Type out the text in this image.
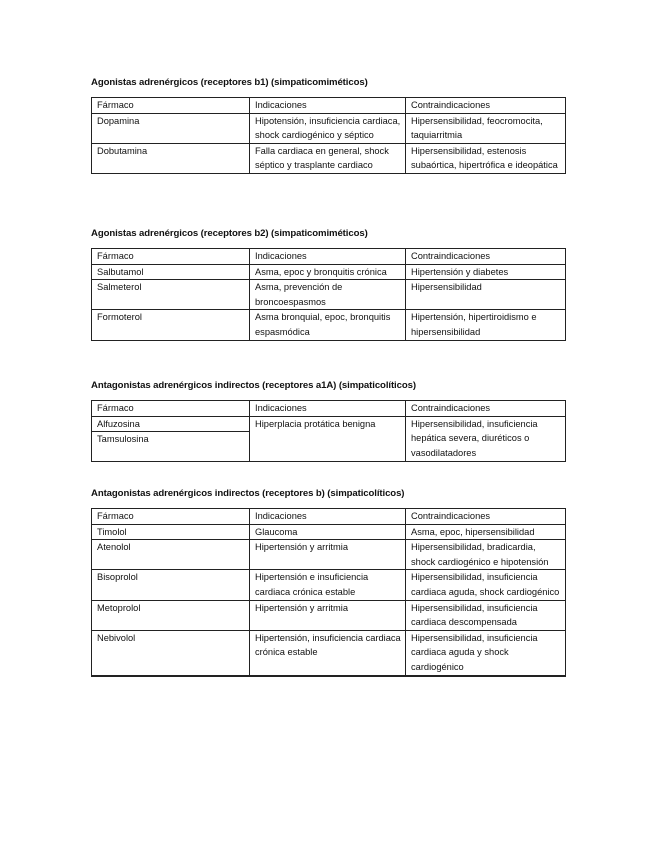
Agonistas adrenérgicos (receptores b1) (simpaticomiméticos)
Fármaco	Indicaciones	Contraindicaciones
Dopamina	Hipotensión, insuficiencia cardiaca, shock cardiogénico y séptico	Hipersensibilidad, feocromocita, taquiarritmia
Dobutamina	Falla cardiaca en general, shock séptico y trasplante cardiaco	Hipersensibilidad, estenosis subaórtica, hipertrófica e ideopática
Agonistas adrenérgicos (receptores b2) (simpaticomiméticos)
Fármaco	Indicaciones	Contraindicaciones
Salbutamol	Asma, epoc y bronquitis crónica	Hipertensión y diabetes
Salmeterol	Asma, prevención de broncoespasmos	Hipersensibilidad
Formoterol	Asma bronquial, epoc, bronquitis espasmódica	Hipertensión, hipertiroidismo e hipersensibilidad
Antagonistas adrenérgicos indirectos (receptores a1A) (simpaticolíticos)
Fármaco	Indicaciones	Contraindicaciones
Alfuzosina	Hiperplacia protática benigna	Hipersensibilidad, insuficiencia hepática severa, diuréticos o vasodilatadores
Tamsulosina		
Antagonistas adrenérgicos indirectos (receptores b) (simpaticolíticos)
Fármaco	Indicaciones	Contraindicaciones
Timolol	Glaucoma	Asma, epoc, hipersensibilidad
Atenolol	Hipertensión y arritmia	Hipersensibilidad, bradicardia, shock cardiogénico e hipotensión
Bisoprolol	Hipertensión e insuficiencia cardiaca crónica estable	Hipersensibilidad, insuficiencia cardiaca aguda, shock cardiogénico
Metoprolol	Hipertensión y arritmia	Hipersensibilidad, insuficiencia cardiaca descompensada
Nebivolol	Hipertensión, insuficiencia cardiaca crónica estable	Hipersensibilidad, insuficiencia cardiaca aguda y shock cardiogénico
